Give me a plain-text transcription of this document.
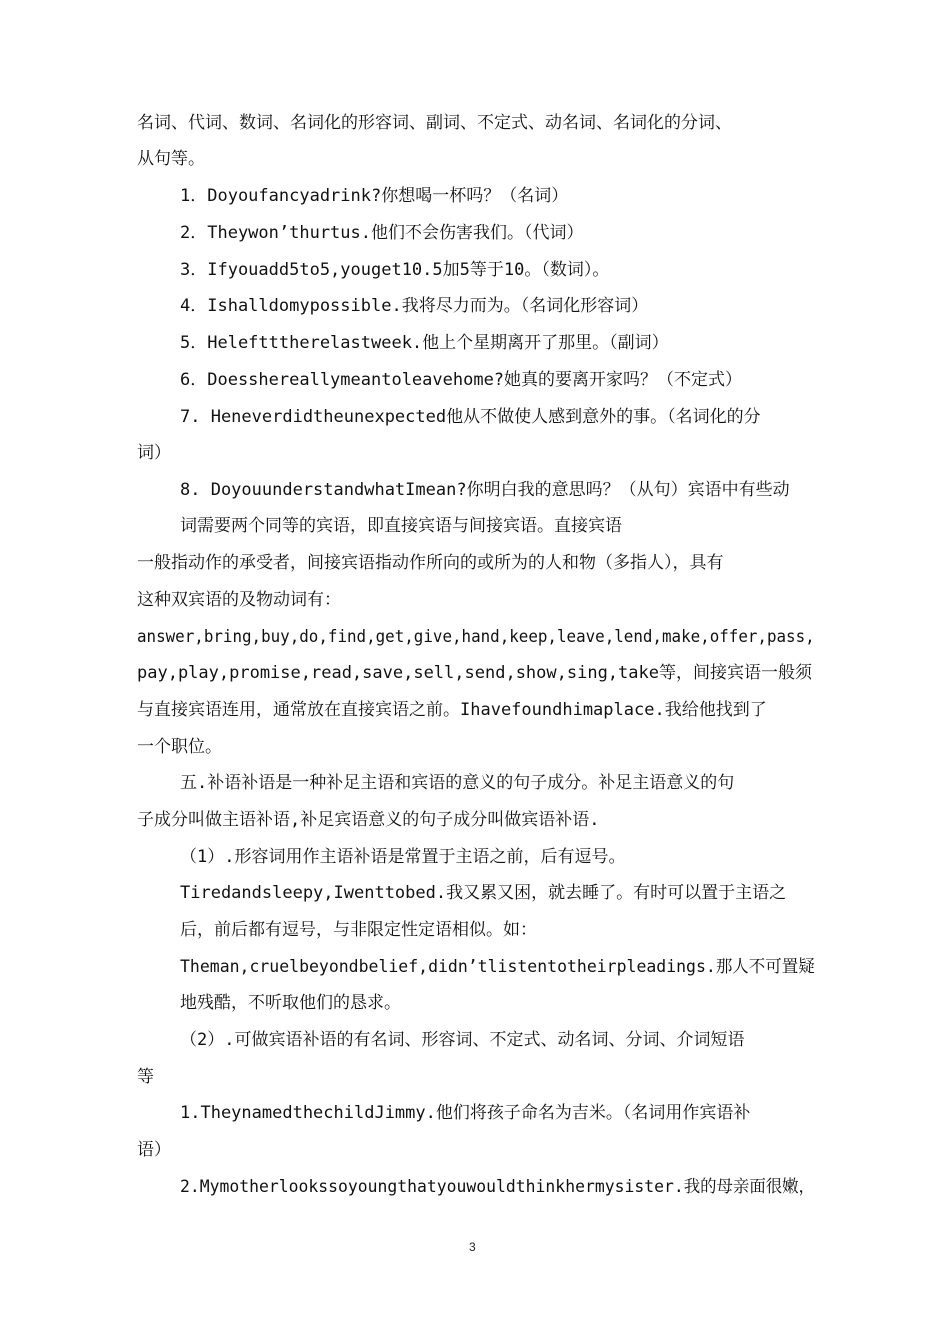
名词、代词、数词、名词化的形容词、副词、不定式、动名词、名词化的分词、
从句等。
1．Doyoufancyadrink?你想喝一杯吗？（名词）
2．Theywon’thurtus.他们不会伤害我们。（代词）
3．Ifyouadd5to5,youget10.5加5等于10。（数词）。
4．Ishalldomypossible.我将尽力而为。（名词化形容词）
5．Heleftttherelastweek.他上个星期离开了那里。（副词）
6．Doesshereallymeantoleavehome?她真的要离开家吗？（不定式）
7. Heneverdidtheunexpected他从不做使人感到意外的事。（名词化的分
词）
8. DoyouunderstandwhatImean?你明白我的意思吗？（从句）宾语中有些动
词需要两个同等的宾语，即直接宾语与间接宾语。直接宾语
一般指动作的承受者，间接宾语指动作所向的或所为的人和物（多指人），具有
这种双宾语的及物动词有：
answer,bring,buy,do,find,get,give,hand,keep,leave,lend,make,offer,pass,
pay,play,promise,read,save,sell,send,show,sing,take等，间接宾语一般须
与直接宾语连用，通常放在直接宾语之前。Ihavefoundhimaplace.我给他找到了
一个职位。
五.补语补语是一种补足主语和宾语的意义的句子成分。补足主语意义的句
子成分叫做主语补语,补足宾语意义的句子成分叫做宾语补语.
（1）.形容词用作主语补语是常置于主语之前，后有逗号。
Tiredandsleepy,Iwenttobed.我又累又困，就去睡了。有时可以置于主语之
后，前后都有逗号，与非限定性定语相似。如：
Theman,cruelbeyondbelief,didn’tlistentotheirpleadings.那人不可置疑
地残酷，不听取他们的恳求。
（2）.可做宾语补语的有名词、形容词、不定式、动名词、分词、介词短语
等
1.TheynamedthechildJimmy.他们将孩子命名为吉米。（名词用作宾语补
语）
2.Mymotherlookssoyoungthatyouwouldthinkhermysister.我的母亲面很嫩，
3
